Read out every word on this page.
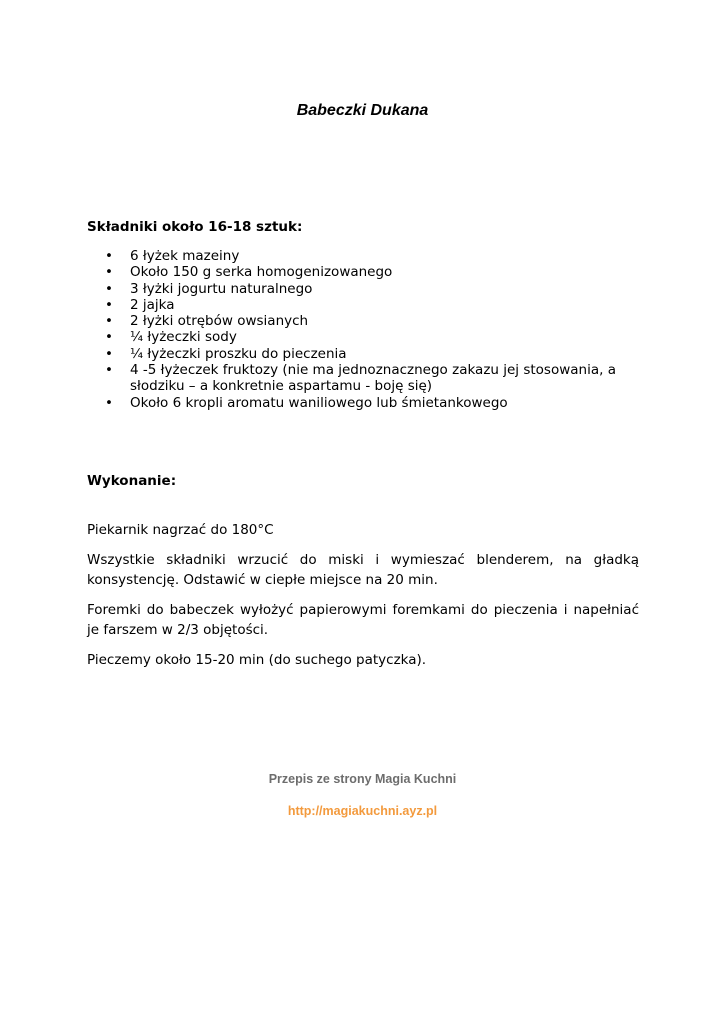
Babeczki Dukana
Składniki około 16-18 sztuk:
• 6 łyżek mazeiny
• Około 150 g serka homogenizowanego
• 3 łyżki jogurtu naturalnego
• 2 jajka
• 2 łyżki otrębów owsianych
• ¼ łyżeczki sody
• ¼ łyżeczki proszku do pieczenia
• 4 -5 łyżeczek fruktozy (nie ma jednoznacznego zakazu jej stosowania, a słodziku – a konkretnie aspartamu - boję się)
• Około 6 kropli aromatu waniliowego lub śmietankowego
Wykonanie:

Piekarnik nagrzać do 180°C

Wszystkie składniki wrzucić do miski i wymieszać blenderem, na gładką konsystencję. Odstawić w ciepłe miejsce na 20 min.

Foremki do babeczek wyłożyć papierowymi foremkami do pieczenia i napełniać je farszem w 2/3 objętości.

Pieczemy około 15-20 min (do suchego patyczka).

Przepis ze strony Magia Kuchni
http://magiakuchni.ayz.pl
